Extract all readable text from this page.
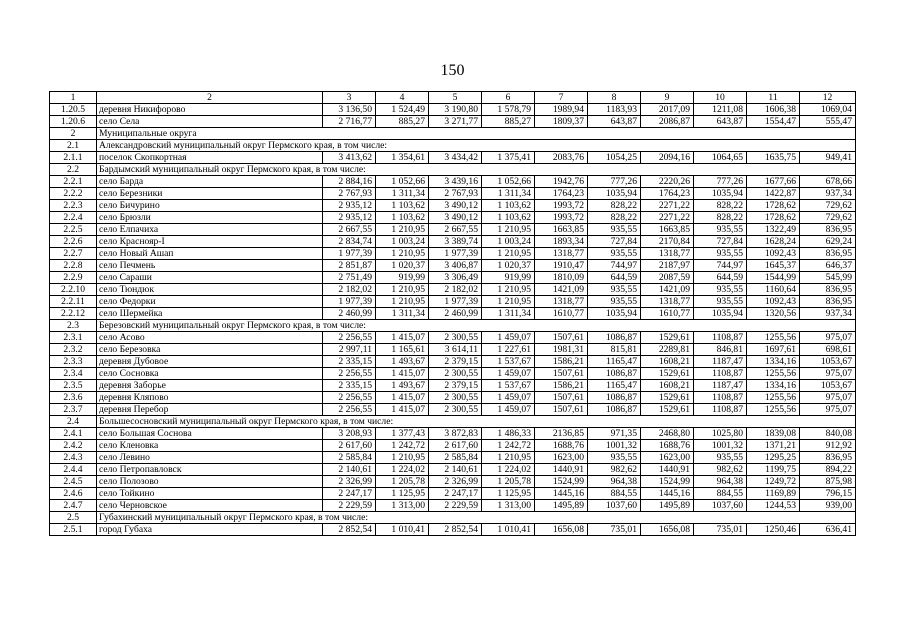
150
1	2	3	4	5	6	7	8	9	10	11	12
1.20.5	деревня Никифорово	3 136,50	1 524,49	3 190,80	1 578,79	1989,94	1183,93	2017,09	1211,08	1606,38	1069,04
1.20.6	село Села	2 716,77	885,27	3 271,77	885,27	1809,37	643,87	2086,87	643,87	1554,47	555,47
2	Муниципальные округа										
2.1	Александровский муниципальный округ Пермского края, в том числе:										
2.1.1	поселок Скопкортная	3 413,62	1 354,61	3 434,42	1 375,41	2083,76	1054,25	2094,16	1064,65	1635,75	949,41
2.2	Бардымский муниципальный округ Пермского края, в том числе:										
2.2.1	село Барда	2 884,16	1 052,66	3 439,16	1 052,66	1942,76	777,26	2220,26	777,26	1677,66	678,66
2.2.2	село Березники	2 767,93	1 311,34	2 767,93	1 311,34	1764,23	1035,94	1764,23	1035,94	1422,87	937,34
2.2.3	село Бичурино	2 935,12	1 103,62	3 490,12	1 103,62	1993,72	828,22	2271,22	828,22	1728,62	729,62
2.2.4	село Брюзли	2 935,12	1 103,62	3 490,12	1 103,62	1993,72	828,22	2271,22	828,22	1728,62	729,62
2.2.5	село Елпачиха	2 667,55	1 210,95	2 667,55	1 210,95	1663,85	935,55	1663,85	935,55	1322,49	836,95
2.2.6	село Краснояр-I	2 834,74	1 003,24	3 389,74	1 003,24	1893,34	727,84	2170,84	727,84	1628,24	629,24
2.2.7	село Новый Ашап	1 977,39	1 210,95	1 977,39	1 210,95	1318,77	935,55	1318,77	935,55	1092,43	836,95
2.2.8	село Печмень	2 851,87	1 020,37	3 406,87	1 020,37	1910,47	744,97	2187,97	744,97	1645,37	646,37
2.2.9	село Сараши	2 751,49	919,99	3 306,49	919,99	1810,09	644,59	2087,59	644,59	1544,99	545,99
2.2.10	село Тюндюк	2 182,02	1 210,95	2 182,02	1 210,95	1421,09	935,55	1421,09	935,55	1160,64	836,95
2.2.11	село Федорки	1 977,39	1 210,95	1 977,39	1 210,95	1318,77	935,55	1318,77	935,55	1092,43	836,95
2.2.12	село Шермейка	2 460,99	1 311,34	2 460,99	1 311,34	1610,77	1035,94	1610,77	1035,94	1320,56	937,34
2.3	Березовский муниципальный округ Пермского края, в том числе:										
2.3.1	село Асово	2 256,55	1 415,07	2 300,55	1 459,07	1507,61	1086,87	1529,61	1108,87	1255,56	975,07
2.3.2	село Березовка	2 997,11	1 165,61	3 614,11	1 227,61	1981,31	815,81	2289,81	846,81	1697,61	698,61
2.3.3	деревня Дубовое	2 335,15	1 493,67	2 379,15	1 537,67	1586,21	1165,47	1608,21	1187,47	1334,16	1053,67
2.3.4	село Сосновка	2 256,55	1 415,07	2 300,55	1 459,07	1507,61	1086,87	1529,61	1108,87	1255,56	975,07
2.3.5	деревня Заборье	2 335,15	1 493,67	2 379,15	1 537,67	1586,21	1165,47	1608,21	1187,47	1334,16	1053,67
2.3.6	деревня Кляпово	2 256,55	1 415,07	2 300,55	1 459,07	1507,61	1086,87	1529,61	1108,87	1255,56	975,07
2.3.7	деревня Перебор	2 256,55	1 415,07	2 300,55	1 459,07	1507,61	1086,87	1529,61	1108,87	1255,56	975,07
2.4	Большесосновский муниципальный округ Пермского края, в том числе:										
2.4.1	село Большая Соснова	3 208,93	1 377,43	3 872,83	1 486,33	2136,85	971,35	2468,80	1025,80	1839,08	840,08
2.4.2	село Кленовка	2 617,60	1 242,72	2 617,60	1 242,72	1688,76	1001,32	1688,76	1001,32	1371,21	912,92
2.4.3	село Левино	2 585,84	1 210,95	2 585,84	1 210,95	1623,00	935,55	1623,00	935,55	1295,25	836,95
2.4.4	село Петропавловск	2 140,61	1 224,02	2 140,61	1 224,02	1440,91	982,62	1440,91	982,62	1199,75	894,22
2.4.5	село Полозово	2 326,99	1 205,78	2 326,99	1 205,78	1524,99	964,38	1524,99	964,38	1249,72	875,98
2.4.6	село Тойкино	2 247,17	1 125,95	2 247,17	1 125,95	1445,16	884,55	1445,16	884,55	1169,89	796,15
2.4.7	село Черновское	2 229,59	1 313,00	2 229,59	1 313,00	1495,89	1037,60	1495,89	1037,60	1244,53	939,00
2.5	Губахинский муниципальный округ Пермского края, в том числе:										
2.5.1	город Губаха	2 852,54	1 010,41	2 852,54	1 010,41	1656,08	735,01	1656,08	735,01	1250,46	636,41
